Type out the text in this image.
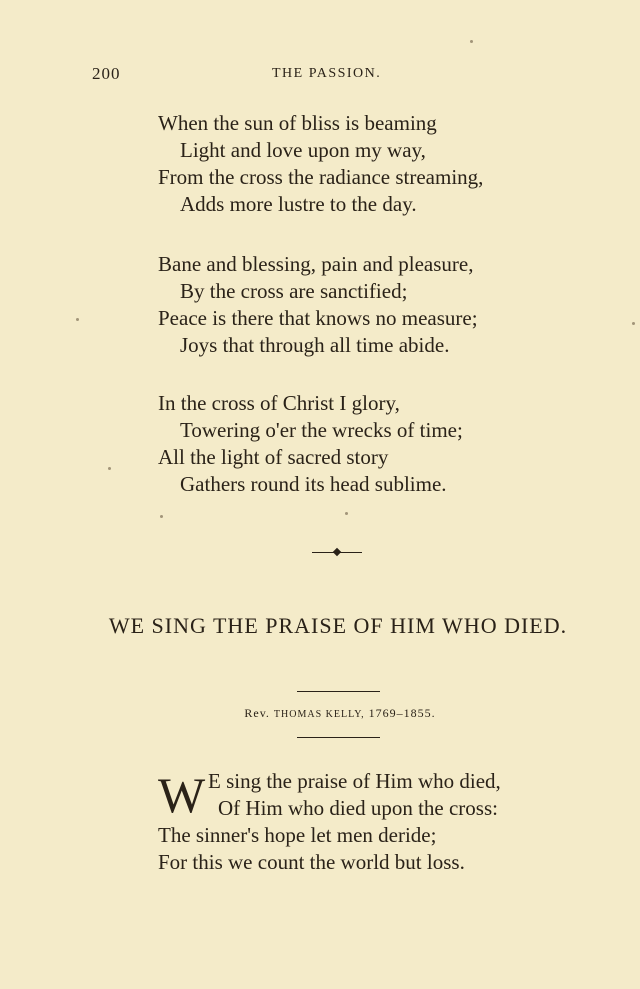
200	THE PASSION.
When the sun of bliss is beaming
Light and love upon my way,
From the cross the radiance streaming,
Adds more lustre to the day.
Bane and blessing, pain and pleasure,
By the cross are sanctified;
Peace is there that knows no measure;
Joys that through all time abide.
In the cross of Christ I glory,
Towering o'er the wrecks of time;
All the light of sacred story
Gathers round its head sublime.
WE SING THE PRAISE OF HIM WHO DIED.
Rev. THOMAS KELLY, 1769–1855.
W E sing the praise of Him who died,
Of Him who died upon the cross:
The sinner's hope let men deride;
For this we count the world but loss.
